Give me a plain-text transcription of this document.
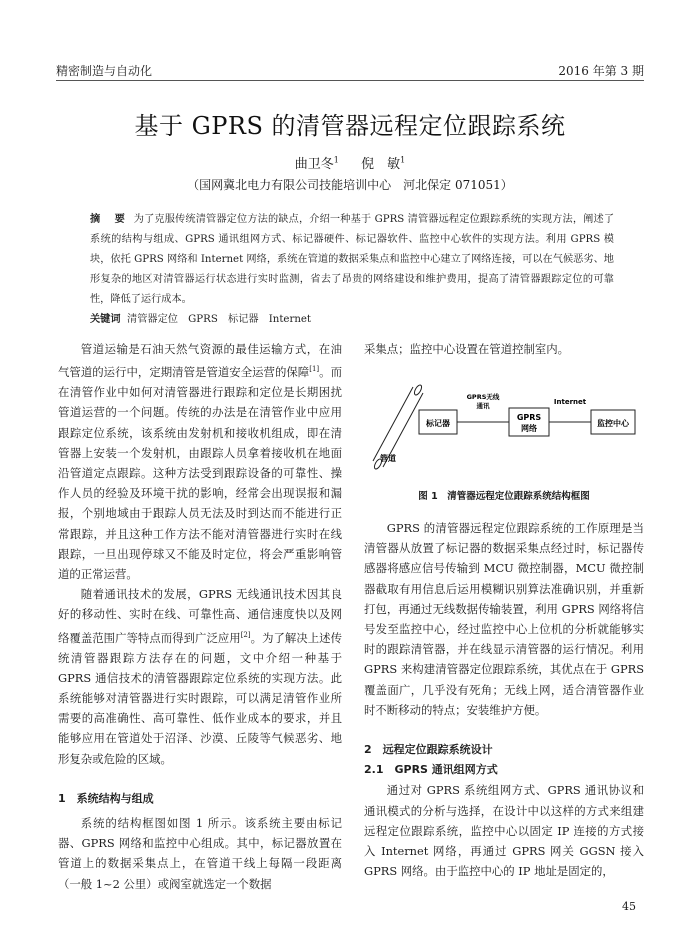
精密制造与自动化	2016 年第 3 期
基于 GPRS 的清管器远程定位跟踪系统
曲卫冬$^1$ 倪　敏$^1$
（国网冀北电力有限公司技能培训中心　河北保定 071051）

摘　要 为了克服传统清管器定位方法的缺点，介绍一种基于 GPRS 清管器远程定位跟踪系统的实现方法，阐述了系统的结构与组成、GPRS 通讯组网方式、标记器硬件、标记器软件、监控中心软件的实现方法。利用 GPRS 模块，依托 GPRS 网络和 Internet 网络，系统在管道的数据采集点和监控中心建立了网络连接，可以在气候恶劣、地形复杂的地区对清管器运行状态进行实时监测，省去了昂贵的网络建设和维护费用，提高了清管器跟踪定位的可靠性，降低了运行成本。

关键词 清管器定位　GPRS　标记器　Internet

管道运输是石油天然气资源的最佳运输方式，在油气管道的运行中，定期清管是管道安全运营的保障[1]。而在清管作业中如何对清管器进行跟踪和定位是长期困扰管道运营的一个问题。传统的办法是在清管作业中应用跟踪定位系统，该系统由发射机和接收机组成，即在清管器上安装一个发射机，由跟踪人员拿着接收机在地面沿管道定点跟踪。这种方法受到跟踪设备的可靠性、操作人员的经验及环境干扰的影响，经常会出现误报和漏报，个别地域由于跟踪人员无法及时到达而不能进行正常跟踪，并且这种工作方法不能对清管器进行实时在线跟踪，一旦出现停球又不能及时定位，将会严重影响管道的正常运营。

随着通讯技术的发展，GPRS 无线通讯技术因其良好的移动性、实时在线、可靠性高、通信速度快以及网络覆盖范围广等特点而得到广泛应用[2]。为了解决上述传统清管器跟踪方法存在的问题，文中介绍一种基于 GPRS 通信技术的清管器跟踪定位系统的实现方法。此系统能够对清管器进行实时跟踪，可以满足清管作业所需要的高准确性、高可靠性、低作业成本的要求，并且能够应用在管道处于沼泽、沙漠、丘陵等气候恶劣、地形复杂或危险的区域。

1　系统结构与组成

系统的结构框图如图 1 所示。该系统主要由标记器、GPRS 网络和监控中心组成。其中，标记器放置在管道上的数据采集点上，在管道干线上每隔一段距离（一般 1~2 公里）或阀室就选定一个数据

采集点；监控中心设置在管道控制室内。

管道
标记器
GPRS无线
通讯
GPRS
网络
Internet
监控中心
图 1　清管器远程定位跟踪系统结构框图

GPRS 的清管器远程定位跟踪系统的工作原理是当清管器从放置了标记器的数据采集点经过时，标记器传感器将感应信号传输到 MCU 微控制器，MCU 微控制器截取有用信息后运用模糊识别算法准确识别，并重新打包，再通过无线数据传输装置，利用 GPRS 网络将信号发至监控中心，经过监控中心上位机的分析就能够实时的跟踪清管器，并在线显示清管器的运行情况。利用 GPRS 来构建清管器定位跟踪系统，其优点在于 GPRS 覆盖面广，几乎没有死角；无线上网，适合清管器作业时不断移动的特点；安装维护方便。

2　远程定位跟踪系统设计

2.1　GPRS 通讯组网方式

通过对 GPRS 系统组网方式、GPRS 通讯协议和通讯模式的分析与选择，在设计中以这样的方式来组建远程定位跟踪系统，监控中心以固定 IP 连接的方式接入 Internet 网络，再通过 GPRS 网关 GGSN 接入 GPRS 网络。由于监控中心的 IP 地址是固定的，

45
